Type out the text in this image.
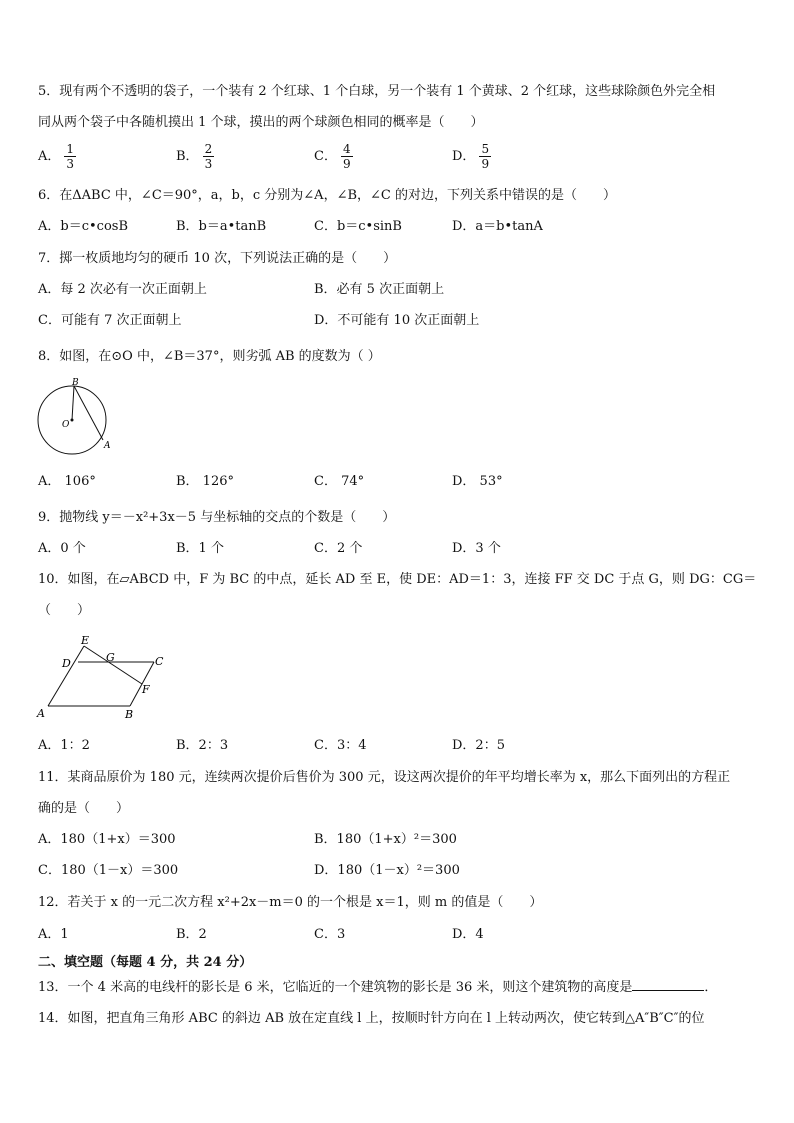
5．现有两个不透明的袋子，一个装有 2 个红球、1 个白球，另一个装有 1 个黄球、2 个红球，这些球除颜色外完全相
同从两个袋子中各随机摸出 1 个球，摸出的两个球颜色相同的概率是（　　）
A． $\frac{1}{3}$	B． $\frac{2}{3}$	C． $\frac{4}{9}$	D． $\frac{5}{9}$
6．在ΔABC 中，∠C＝90°，a，b，c 分别为∠A，∠B，∠C 的对边，下列关系中错误的是（　　）
A．b＝c•cosB	B．b＝a•tanB	C．b＝c•sinB	D．a＝b•tanA
7．掷一枚质地均匀的硬币 10 次，下列说法正确的是（　　）
A．每 2 次必有一次正面朝上	B．必有 5 次正面朝上
C．可能有 7 次正面朝上	D．不可能有 10 次正面朝上
8．如图，在⊙O 中，∠B＝37°，则劣弧 AB 的度数为（ ）
B
O
A
A． 106°	B． 126°	C． 74°	D． 53°
9．抛物线 y＝－x²+3x－5 与坐标轴的交点的个数是（　　）
A．0 个	B．1 个	C．2 个	D．3 个
10．如图，在▱ABCD 中，F 为 BC 的中点，延长 AD 至 E，使 DE：AD＝1：3，连接 FF 交 DC 于点 G，则 DG：CG＝
（　　）
E
D	G	C
F
A	B
A．1：2	B．2：3	C．3：4	D．2：5
11．某商品原价为 180 元，连续两次提价后售价为 300 元，设这两次提价的年平均增长率为 x，那么下面列出的方程正
确的是（　　）
A．180（1+x）＝300	B．180（1+x）²＝300
C．180（1－x）＝300	D．180（1－x）²＝300
12．若关于 x 的一元二次方程 x²+2x－m＝0 的一个根是 x＝1，则 m 的值是（　　）
A．1	B．2	C．3	D．4
二、填空题（每题 4 分，共 24 分）
13．一个 4 米高的电线杆的影长是 6 米，它临近的一个建筑物的影长是 36 米，则这个建筑物的高度是	．
14．如图，把直角三角形 ABC 的斜边 AB 放在定直线 l 上，按顺时针方向在 l 上转动两次，使它转到△A″B″C″的位
